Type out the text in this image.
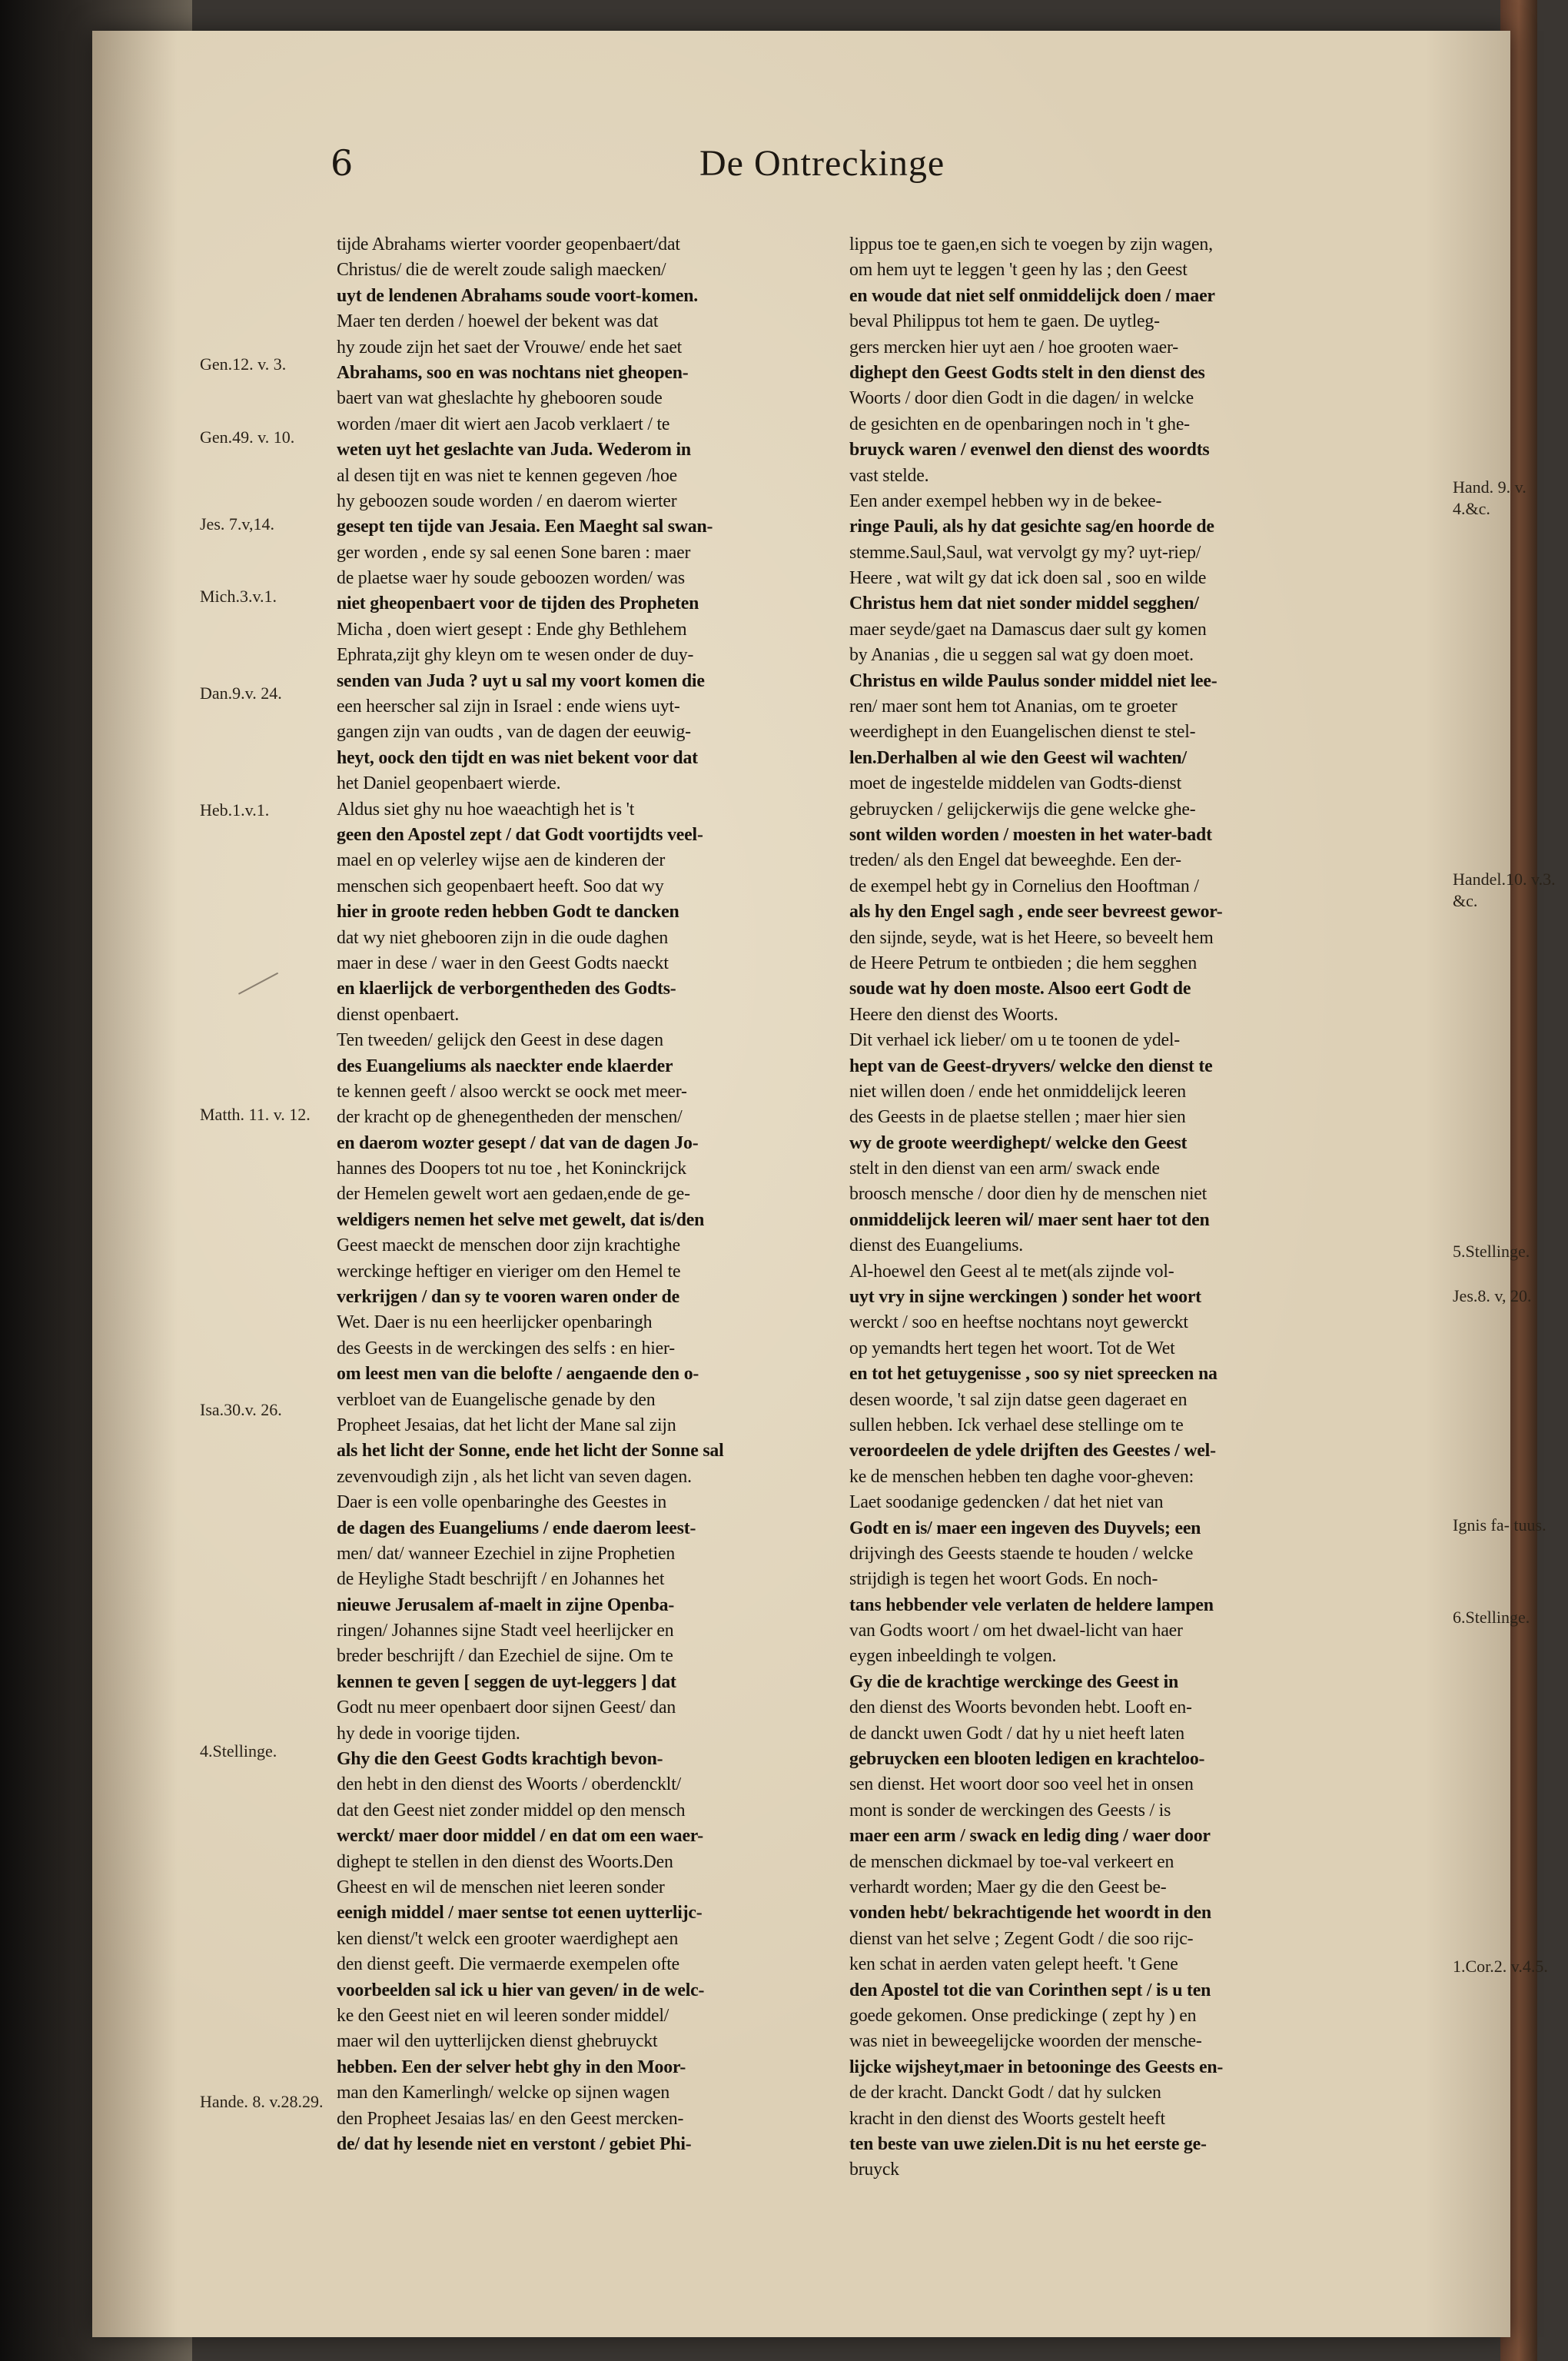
6	De Ontreckinge
tijde Abrahams wierter voorder geopenbaert/dat
Christus/ die de werelt zoude saligh maecken/
uyt de lendenen Abrahams soude voort-komen.
Maer ten derden / hoewel der bekent was dat
hy zoude zijn het saet der Vrouwe/ ende het saet
Abrahams, soo en was nochtans niet gheopen-
baert van wat gheslachte hy ghebooren soude
worden /maer dit wiert aen Jacob verklaert / te
weten uyt het geslachte van Juda. Wederom in
al desen tijt en was niet te kennen gegeven /hoe
hy geboozen soude worden / en daerom wierter
gesept ten tijde van Jesaia. Een Maeght sal swan-
ger worden , ende sy sal eenen Sone baren : maer
de plaetse waer hy soude geboozen worden/ was
niet gheopenbaert voor de tijden des Propheten
Micha , doen wiert gesept : Ende ghy Bethlehem
Ephrata,zijt ghy kleyn om te wesen onder de duy-
senden van Juda ? uyt u sal my voort komen die
een heerscher sal zijn in Israel : ende wiens uyt-
gangen zijn van oudts , van de dagen der eeuwig-
heyt, oock den tijdt en was niet bekent voor dat
het Daniel geopenbaert wierde.
Aldus siet ghy nu hoe waeachtigh het is 't
geen den Apostel zept / dat Godt voortijdts veel-
mael en op velerley wijse aen de kinderen der
menschen sich geopenbaert heeft. Soo dat wy
hier in groote reden hebben Godt te dancken
dat wy niet ghebooren zijn in die oude daghen
maer in dese / waer in den Geest Godts naeckt
en klaerlijck de verborgentheden des Godts-
dienst openbaert.
Ten tweeden/ gelijck den Geest in dese dagen
des Euangeliums als naeckter ende klaerder
te kennen geeft / alsoo werckt se oock met meer-
der kracht op de ghenegentheden der menschen/
en daerom wozter gesept / dat van de dagen Jo-
hannes des Doopers tot nu toe , het Koninckrijck
der Hemelen gewelt wort aen gedaen,ende de ge-
weldigers nemen het selve met gewelt, dat is/den
Geest maeckt de menschen door zijn krachtighe
werckinge heftiger en vieriger om den Hemel te
verkrijgen / dan sy te vooren waren onder de
Wet. Daer is nu een heerlijcker openbaringh
des Geests in de werckingen des selfs : en hier-
om leest men van die belofte / aengaende den o-
verbloet van de Euangelische genade by den
Propheet Jesaias, dat het licht der Mane sal zijn
als het licht der Sonne, ende het licht der Sonne sal
zevenvoudigh zijn , als het licht van seven dagen.
Daer is een volle openbaringhe des Geestes in
de dagen des Euangeliums / ende daerom leest-
men/ dat/ wanneer Ezechiel in zijne Prophetien
de Heylighe Stadt beschrijft / en Johannes het
nieuwe Jerusalem af-maelt in zijne Openba-
ringen/ Johannes sijne Stadt veel heerlijcker en
breder beschrijft / dan Ezechiel de sijne. Om te
kennen te geven [ seggen de uyt-leggers ] dat
Godt nu meer openbaert door sijnen Geest/ dan
hy dede in voorige tijden.
Ghy die den Geest Godts krachtigh bevon-
den hebt in den dienst des Woorts / oberdencklt/
dat den Geest niet zonder middel op den mensch
werckt/ maer door middel / en dat om een waer-
dighept te stellen in den dienst des Woorts.Den
Gheest en wil de menschen niet leeren sonder
eenigh middel / maer sentse tot eenen uytterlijc-
ken dienst/'t welck een grooter waerdighept aen
den dienst geeft. Die vermaerde exempelen ofte
voorbeelden sal ick u hier van geven/ in de welc-
ke den Geest niet en wil leeren sonder middel/
maer wil den uytterlijcken dienst ghebruyckt
hebben. Een der selver hebt ghy in den Moor-
man den Kamerlingh/ welcke op sijnen wagen
den Propheet Jesaias las/ en den Geest mercken-
de/ dat hy lesende niet en verstont / gebiet Phi-
lippus toe te gaen,en sich te voegen by zijn wagen,
om hem uyt te leggen 't geen hy las ; den Geest
en woude dat niet self onmiddelijck doen / maer
beval Philippus tot hem te gaen. De uytleg-
gers mercken hier uyt aen / hoe grooten waer-
dighept den Geest Godts stelt in den dienst des
Woorts / door dien Godt in die dagen/ in welcke
de gesichten en de openbaringen noch in 't ghe-
bruyck waren / evenwel den dienst des woordts
vast stelde.
Een ander exempel hebben wy in de bekee-
ringe Pauli, als hy dat gesichte sag/en hoorde de
stemme.Saul,Saul, wat vervolgt gy my? uyt-riep/
Heere , wat wilt gy dat ick doen sal , soo en wilde
Christus hem dat niet sonder middel segghen/
maer seyde/gaet na Damascus daer sult gy komen
by Ananias , die u seggen sal wat gy doen moet.
Christus en wilde Paulus sonder middel niet lee-
ren/ maer sont hem tot Ananias, om te groeter
weerdighept in den Euangelischen dienst te stel-
len.Derhalben al wie den Geest wil wachten/
moet de ingestelde middelen van Godts-dienst
gebruycken / gelijckerwijs die gene welcke ghe-
sont wilden worden / moesten in het water-badt
treden/ als den Engel dat beweeghde. Een der-
de exempel hebt gy in Cornelius den Hooftman /
als hy den Engel sagh , ende seer bevreest gewor-
den sijnde, seyde, wat is het Heere, so beveelt hem
de Heere Petrum te ontbieden ; die hem segghen
soude wat hy doen moste. Alsoo eert Godt de
Heere den dienst des Woorts.
Dit verhael ick lieber/ om u te toonen de ydel-
hept van de Geest-dryvers/ welcke den dienst te
niet willen doen / ende het onmiddelijck leeren
des Geests in de plaetse stellen ; maer hier sien
wy de groote weerdighept/ welcke den Geest
stelt in den dienst van een arm/ swack ende
broosch mensche / door dien hy de menschen niet
onmiddelijck leeren wil/ maer sent haer tot den
dienst des Euangeliums.
Al-hoewel den Geest al te met(als zijnde vol-
uyt vry in sijne werckingen ) sonder het woort
werckt / soo en heeftse nochtans noyt gewerckt
op yemandts hert tegen het woort. Tot de Wet
en tot het getuygenisse , soo sy niet spreecken na
desen woorde, 't sal zijn datse geen dageraet en
sullen hebben. Ick verhael dese stellinge om te
veroordeelen de ydele drijften des Geestes / wel-
ke de menschen hebben ten daghe voor-gheven:
Laet soodanige gedencken / dat het niet van
Godt en is/ maer een ingeven des Duyvels; een
drijvingh des Geests staende te houden / welcke
strijdigh is tegen het woort Gods. En noch-
tans hebbender vele verlaten de heldere lampen
van Godts woort / om het dwael-licht van haer
eygen inbeeldingh te volgen.
Gy die de krachtige werckinge des Geest in
den dienst des Woorts bevonden hebt. Looft en-
de danckt uwen Godt / dat hy u niet heeft laten
gebruycken een blooten ledigen en krachteloo-
sen dienst. Het woort door soo veel het in onsen
mont is sonder de werckingen des Geests / is
maer een arm / swack en ledig ding / waer door
de menschen dickmael by toe-val verkeert en
verhardt worden; Maer gy die den Geest be-
vonden hebt/ bekrachtigende het woordt in den
dienst van het selve ; Zegent Godt / die soo rijc-
ken schat in aerden vaten gelept heeft. 't Gene
den Apostel tot die van Corinthen sept / is u ten
goede gekomen. Onse predickinge ( zept hy ) en
was niet in beweegelijcke woorden der mensche-
lijcke wijsheyt,maer in betooninge des Geests en-
de der kracht. Danckt Godt / dat hy sulcken
kracht in den dienst des Woorts gestelt heeft
ten beste van uwe zielen.Dit is nu het eerste ge-
bruyck
Gen.12. v. 3.
Gen.49. v. 10.
Jes. 7.v,14.
Mich.3.v.1.
Dan.9.v. 24.
Heb.1.v.1.
Matth. 11. v. 12.
Isa.30.v. 26.
4.Stellinge.
Hande. 8. v.28.29.
Hand. 9. v. 4.&c.
Handel.10. v.3. &c.
5.Stellinge.
Jes.8. v, 20.
Ignis fa- tuus.
6.Stellinge.
1.Cor.2. v.4.5.
